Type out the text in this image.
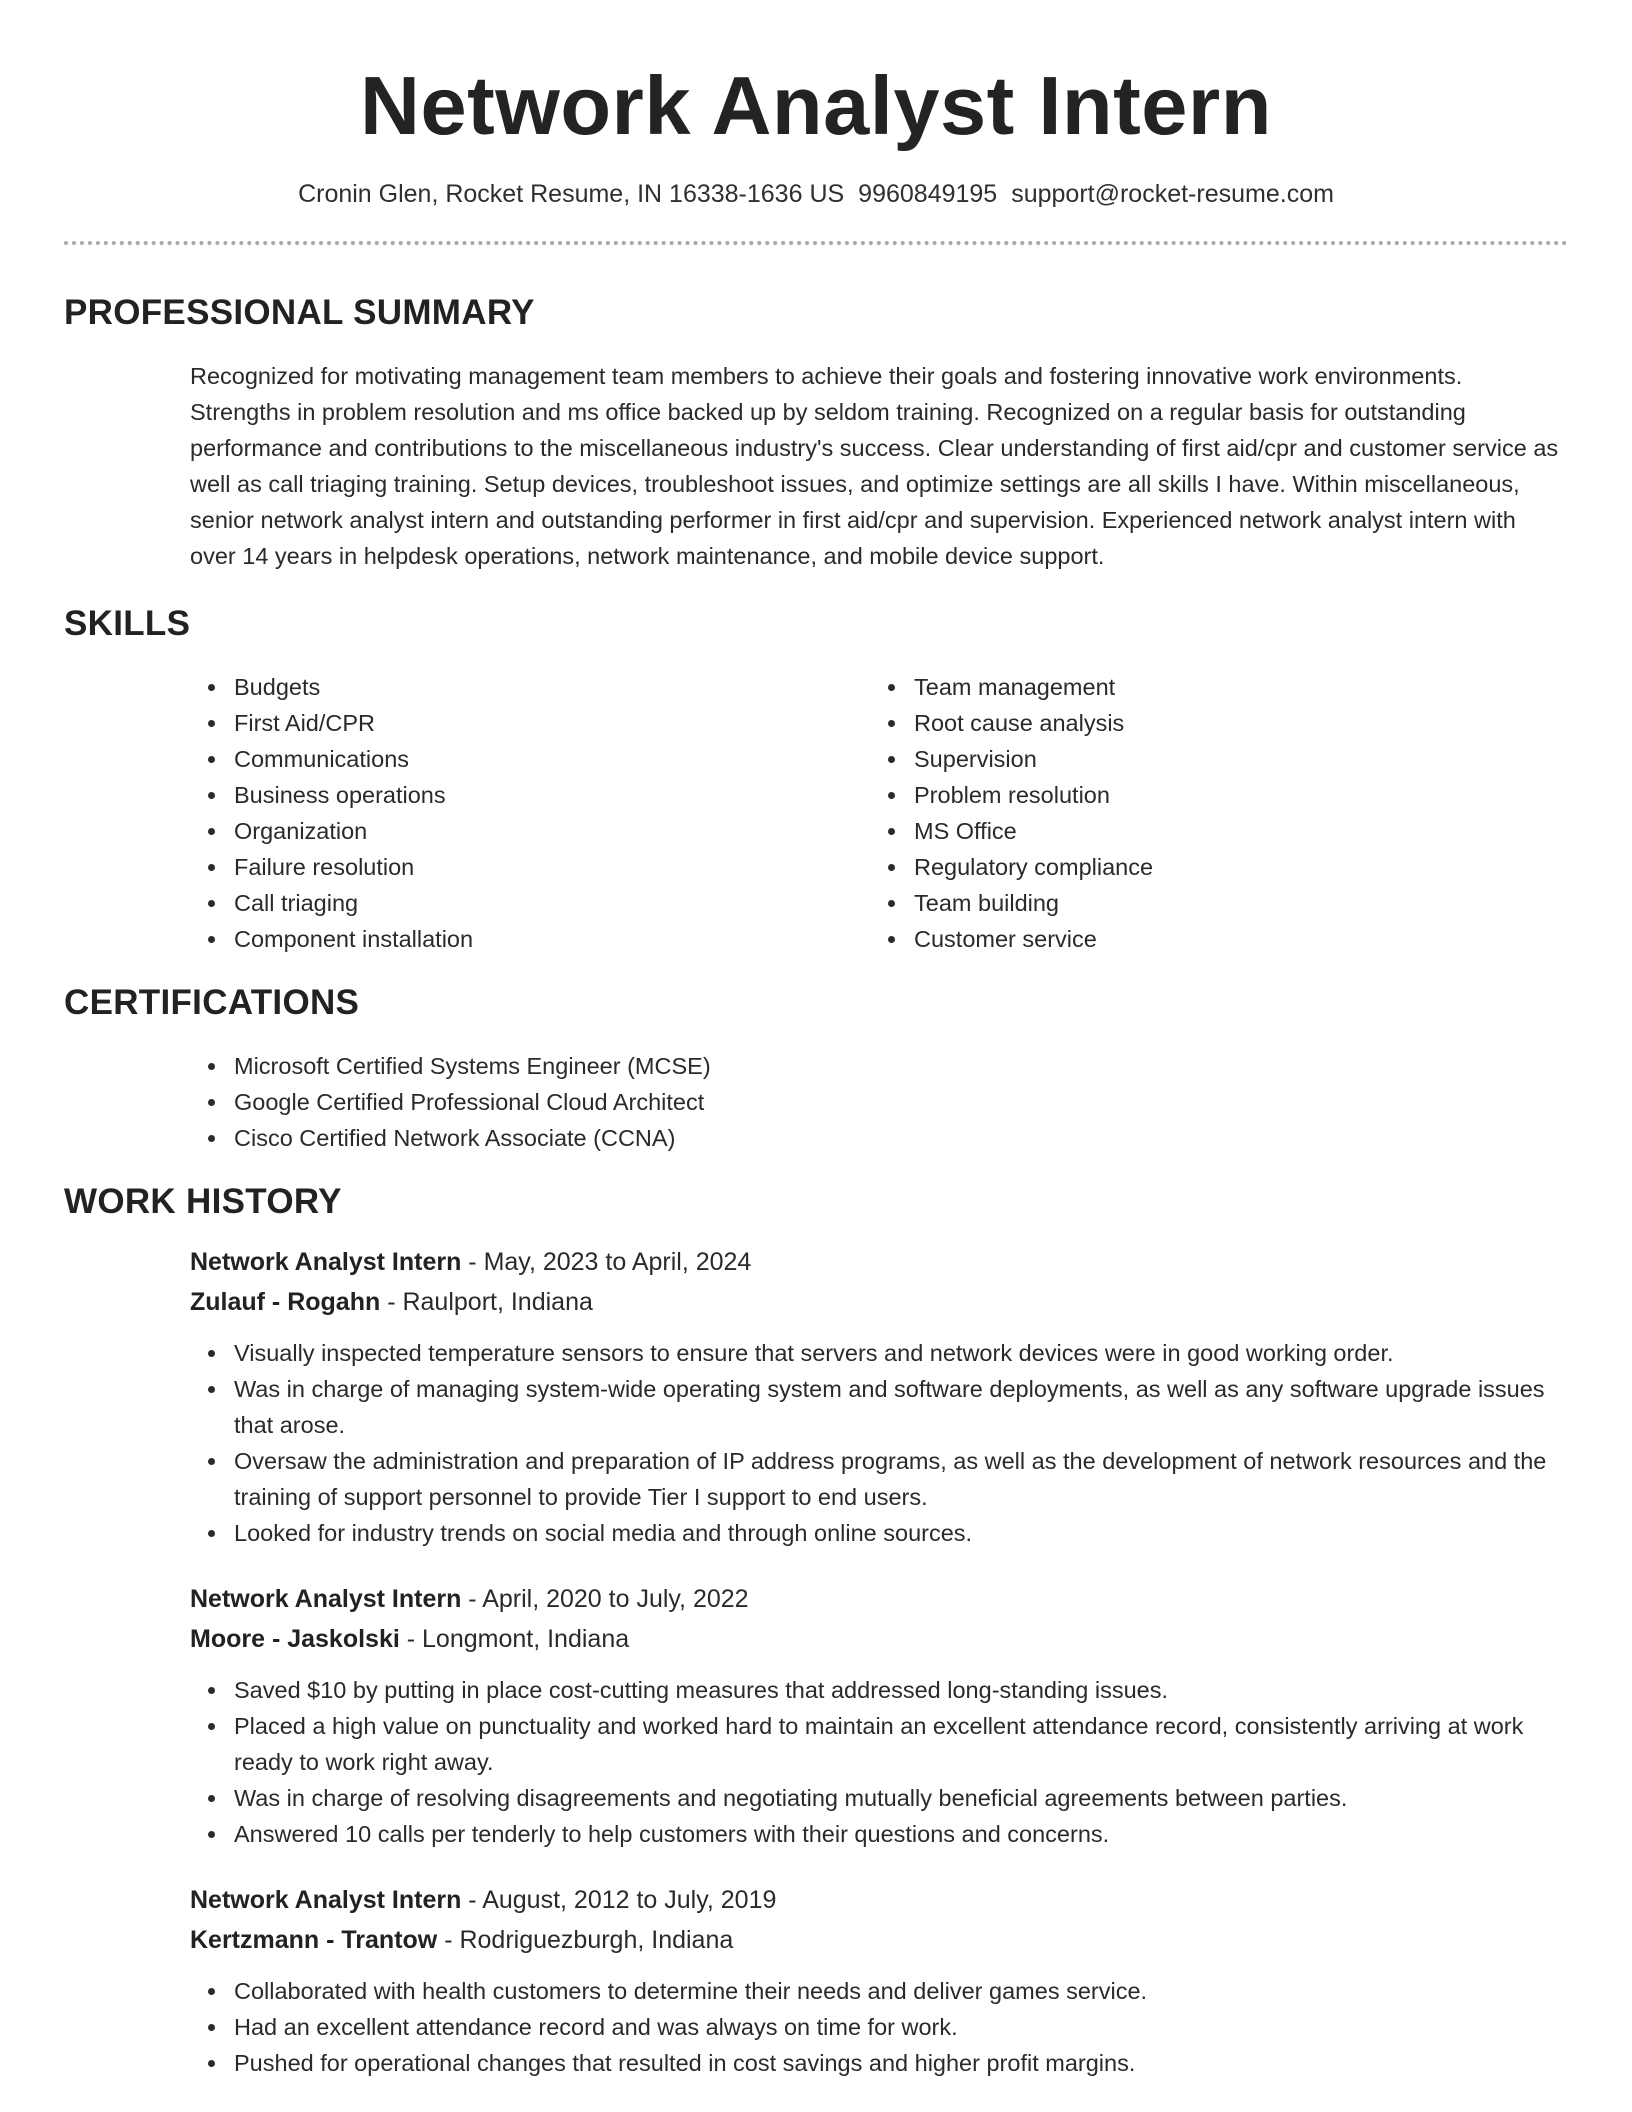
Network Analyst Intern
Cronin Glen, Rocket Resume, IN 16338-1636 US 9960849195 support@rocket-resume.com
PROFESSIONAL SUMMARY

Recognized for motivating management team members to achieve their goals and fostering innovative work environments. Strengths in problem resolution and ms office backed up by seldom training. Recognized on a regular basis for outstanding performance and contributions to the miscellaneous industry's success. Clear understanding of first aid/cpr and customer service as well as call triaging training. Setup devices, troubleshoot issues, and optimize settings are all skills I have. Within miscellaneous, senior network analyst intern and outstanding performer in first aid/cpr and supervision. Experienced network analyst intern with over 14 years in helpdesk operations, network maintenance, and mobile device support.

SKILLS
Budgets
First Aid/CPR
Communications
Business operations
Organization
Failure resolution
Call triaging
Component installation
Team management
Root cause analysis
Supervision
Problem resolution
MS Office
Regulatory compliance
Team building
Customer service
CERTIFICATIONS
Microsoft Certified Systems Engineer (MCSE)
Google Certified Professional Cloud Architect
Cisco Certified Network Associate (CCNA)
WORK HISTORY
Network Analyst Intern - May, 2023 to April, 2024
Zulauf - Rogahn - Raulport, Indiana
Visually inspected temperature sensors to ensure that servers and network devices were in good working order.
Was in charge of managing system-wide operating system and software deployments, as well as any software upgrade issues that arose.
Oversaw the administration and preparation of IP address programs, as well as the development of network resources and the training of support personnel to provide Tier I support to end users.
Looked for industry trends on social media and through online sources.
Network Analyst Intern - April, 2020 to July, 2022
Moore - Jaskolski - Longmont, Indiana
Saved $10 by putting in place cost-cutting measures that addressed long-standing issues.
Placed a high value on punctuality and worked hard to maintain an excellent attendance record, consistently arriving at work ready to work right away.
Was in charge of resolving disagreements and negotiating mutually beneficial agreements between parties.
Answered 10 calls per tenderly to help customers with their questions and concerns.
Network Analyst Intern - August, 2012 to July, 2019
Kertzmann - Trantow - Rodriguezburgh, Indiana
Collaborated with health customers to determine their needs and deliver games service.
Had an excellent attendance record and was always on time for work.
Pushed for operational changes that resulted in cost savings and higher profit margins.
